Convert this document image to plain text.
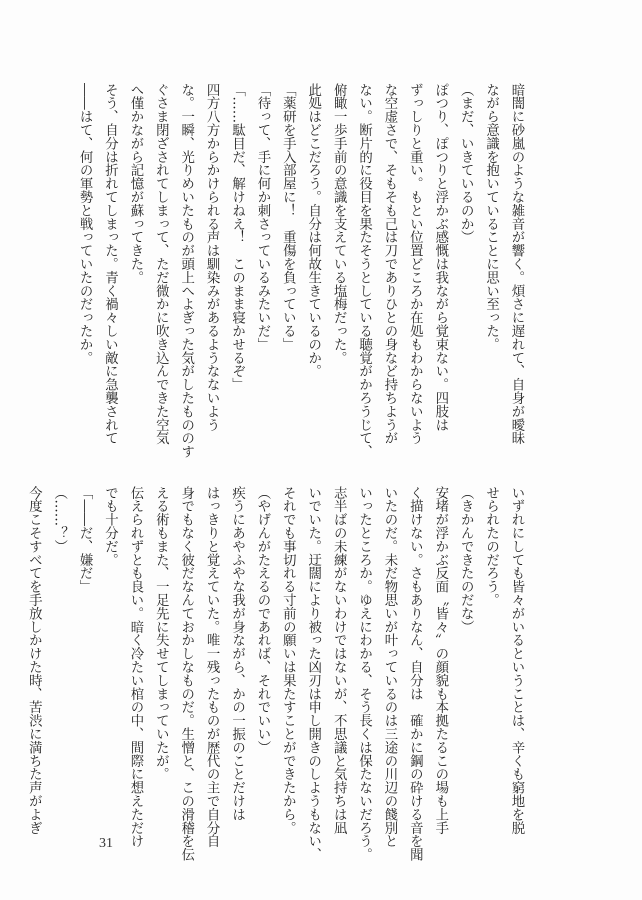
暗闇に砂嵐のような雑音が響く。煩さに遅れて、自身が曖昧
ながら意識を抱いていることに思い至った。
（まだ、いきているのか）
ぽつり、ぽつりと浮かぶ感慨は我ながら覚束ない。四肢は
ずっしりと重い。もとい位置どころか在処もわからないよう
な空虚さで、そもそも己は刀でありひとの身など持ちようが
ない。断片的に役目を果たそうとしている聴覚がかろうじて、
俯瞰一歩手前の意識を支えている塩梅だった。
此処はどこだろう。自分は何故生きているのか。
「薬研を手入部屋に！　重傷を負っている」
「待って、手に何か刺さっているみたいだ」
「……駄目だ、解けねえ！　このまま寝かせるぞ」
四方八方からかけられる声は馴染みがあるようなないよう
な。一瞬、光りめいたものが頭上へよぎった気がしたもののす
ぐさま閉ざされてしまって、ただ微かに吹き込んできた空気
へ僅かながら記憶が蘇ってきた。
そう、自分は折れてしまった。青く禍々しい敵に急襲されて
――はて、何の軍勢と戦っていたのだったか。
いずれにしても皆々がいるということは、辛くも窮地を脱
せられたのだろう。
（きかんできたのだな）
安堵が浮かぶ反面〝皆々〟の顔貌も本拠たるこの場も上手
く描けない。さもありなん、自分は　確かに鋼の砕ける音を聞
いたのだ。未だ物思いが叶っているのは三途の川辺の餞別と
いったところか。ゆえにわかる、そう長くは保たないだろう。
志半ばの未練がないわけではないが、不思議と気持ちは凪
いでいた。迂闊により被った凶刃は申し開きのしようもない、
それでも事切れる寸前の願いは果たすことができたから。
（やげんがたえるのであれば、それでいい）
疾うにあやふやな我が身ながら、かの一振のことだけは
はっきりと覚えていた。唯一残ったものが歴代の主で自分自
身でもなく彼だなんておかしなものだ。生憎と、この滑稽を伝
える術もまた、一足先に失せてしまっていたが。
伝えられずとも良い。暗く冷たい棺の中、間際に想えただけ
でも十分だ。
「――だ、嫌だ」
（……？）
今度こそすべてを手放しかけた時、苦渋に満ちた声がよぎ
31
